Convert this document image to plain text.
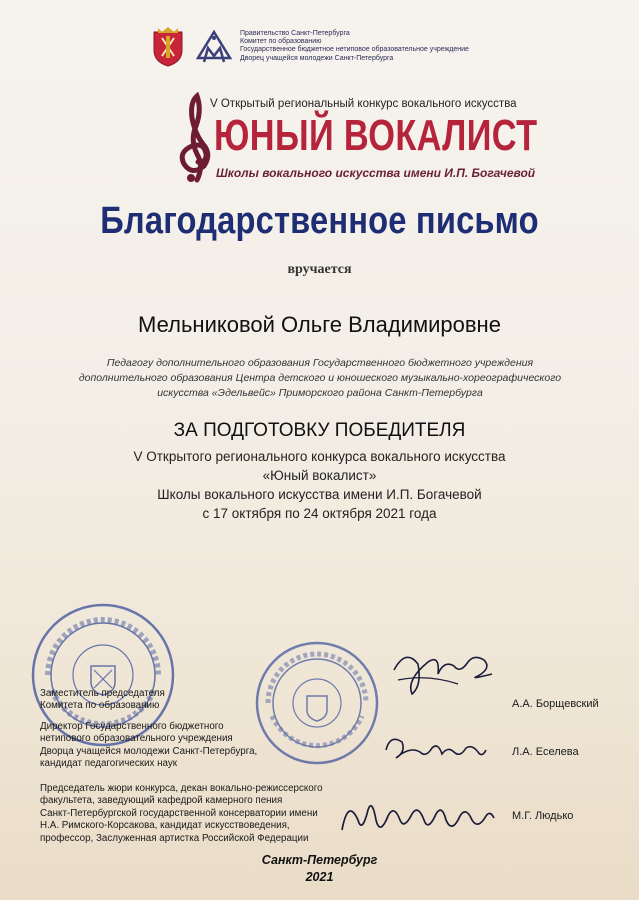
Правительство Санкт-Петербурга
Комитет по образованию
Государственное бюджетное нетиповое образовательное учреждение
Дворец учащейся молодежи Санкт-Петербурга
V Открытый региональный конкурс вокального искусства
ЮНЫЙ ВОКАЛИСТ
Школы вокального искусства имени И.П. Богачевой
Благодарственное письмо
вручается
Мельниковой Ольге Владимировне
Педагогу дополнительного образования Государственного бюджетного учреждения
дополнительного образования Центра детского и юношеского музыкально-хореографического
искусства «Эдельвейс» Приморского района Санкт-Петербурга
ЗА ПОДГОТОВКУ ПОБЕДИТЕЛЯ
V Открытого регионального конкурса вокального искусства
«Юный вокалист»
Школы вокального искусства имени И.П. Богачевой
с 17 октября по 24 октября 2021 года
Заместитель председателя
Комитета по образованию	А.А. Борщевский
Директор Государственного бюджетного
нетипового образовательного учреждения
Дворца учащейся молодежи Санкт-Петербурга,
кандидат педагогических наук
Л.А. Еселева
Председатель жюри конкурса, декан вокально-режиссерского
факультета, заведующий кафедрой камерного пения
Санкт-Петербургской государственной консерватории имени
Н.А. Римского-Корсакова, кандидат искусствоведения,
профессор, Заслуженная артистка Российской Федерации
М.Г. Людько
Санкт-Петербург
2021
